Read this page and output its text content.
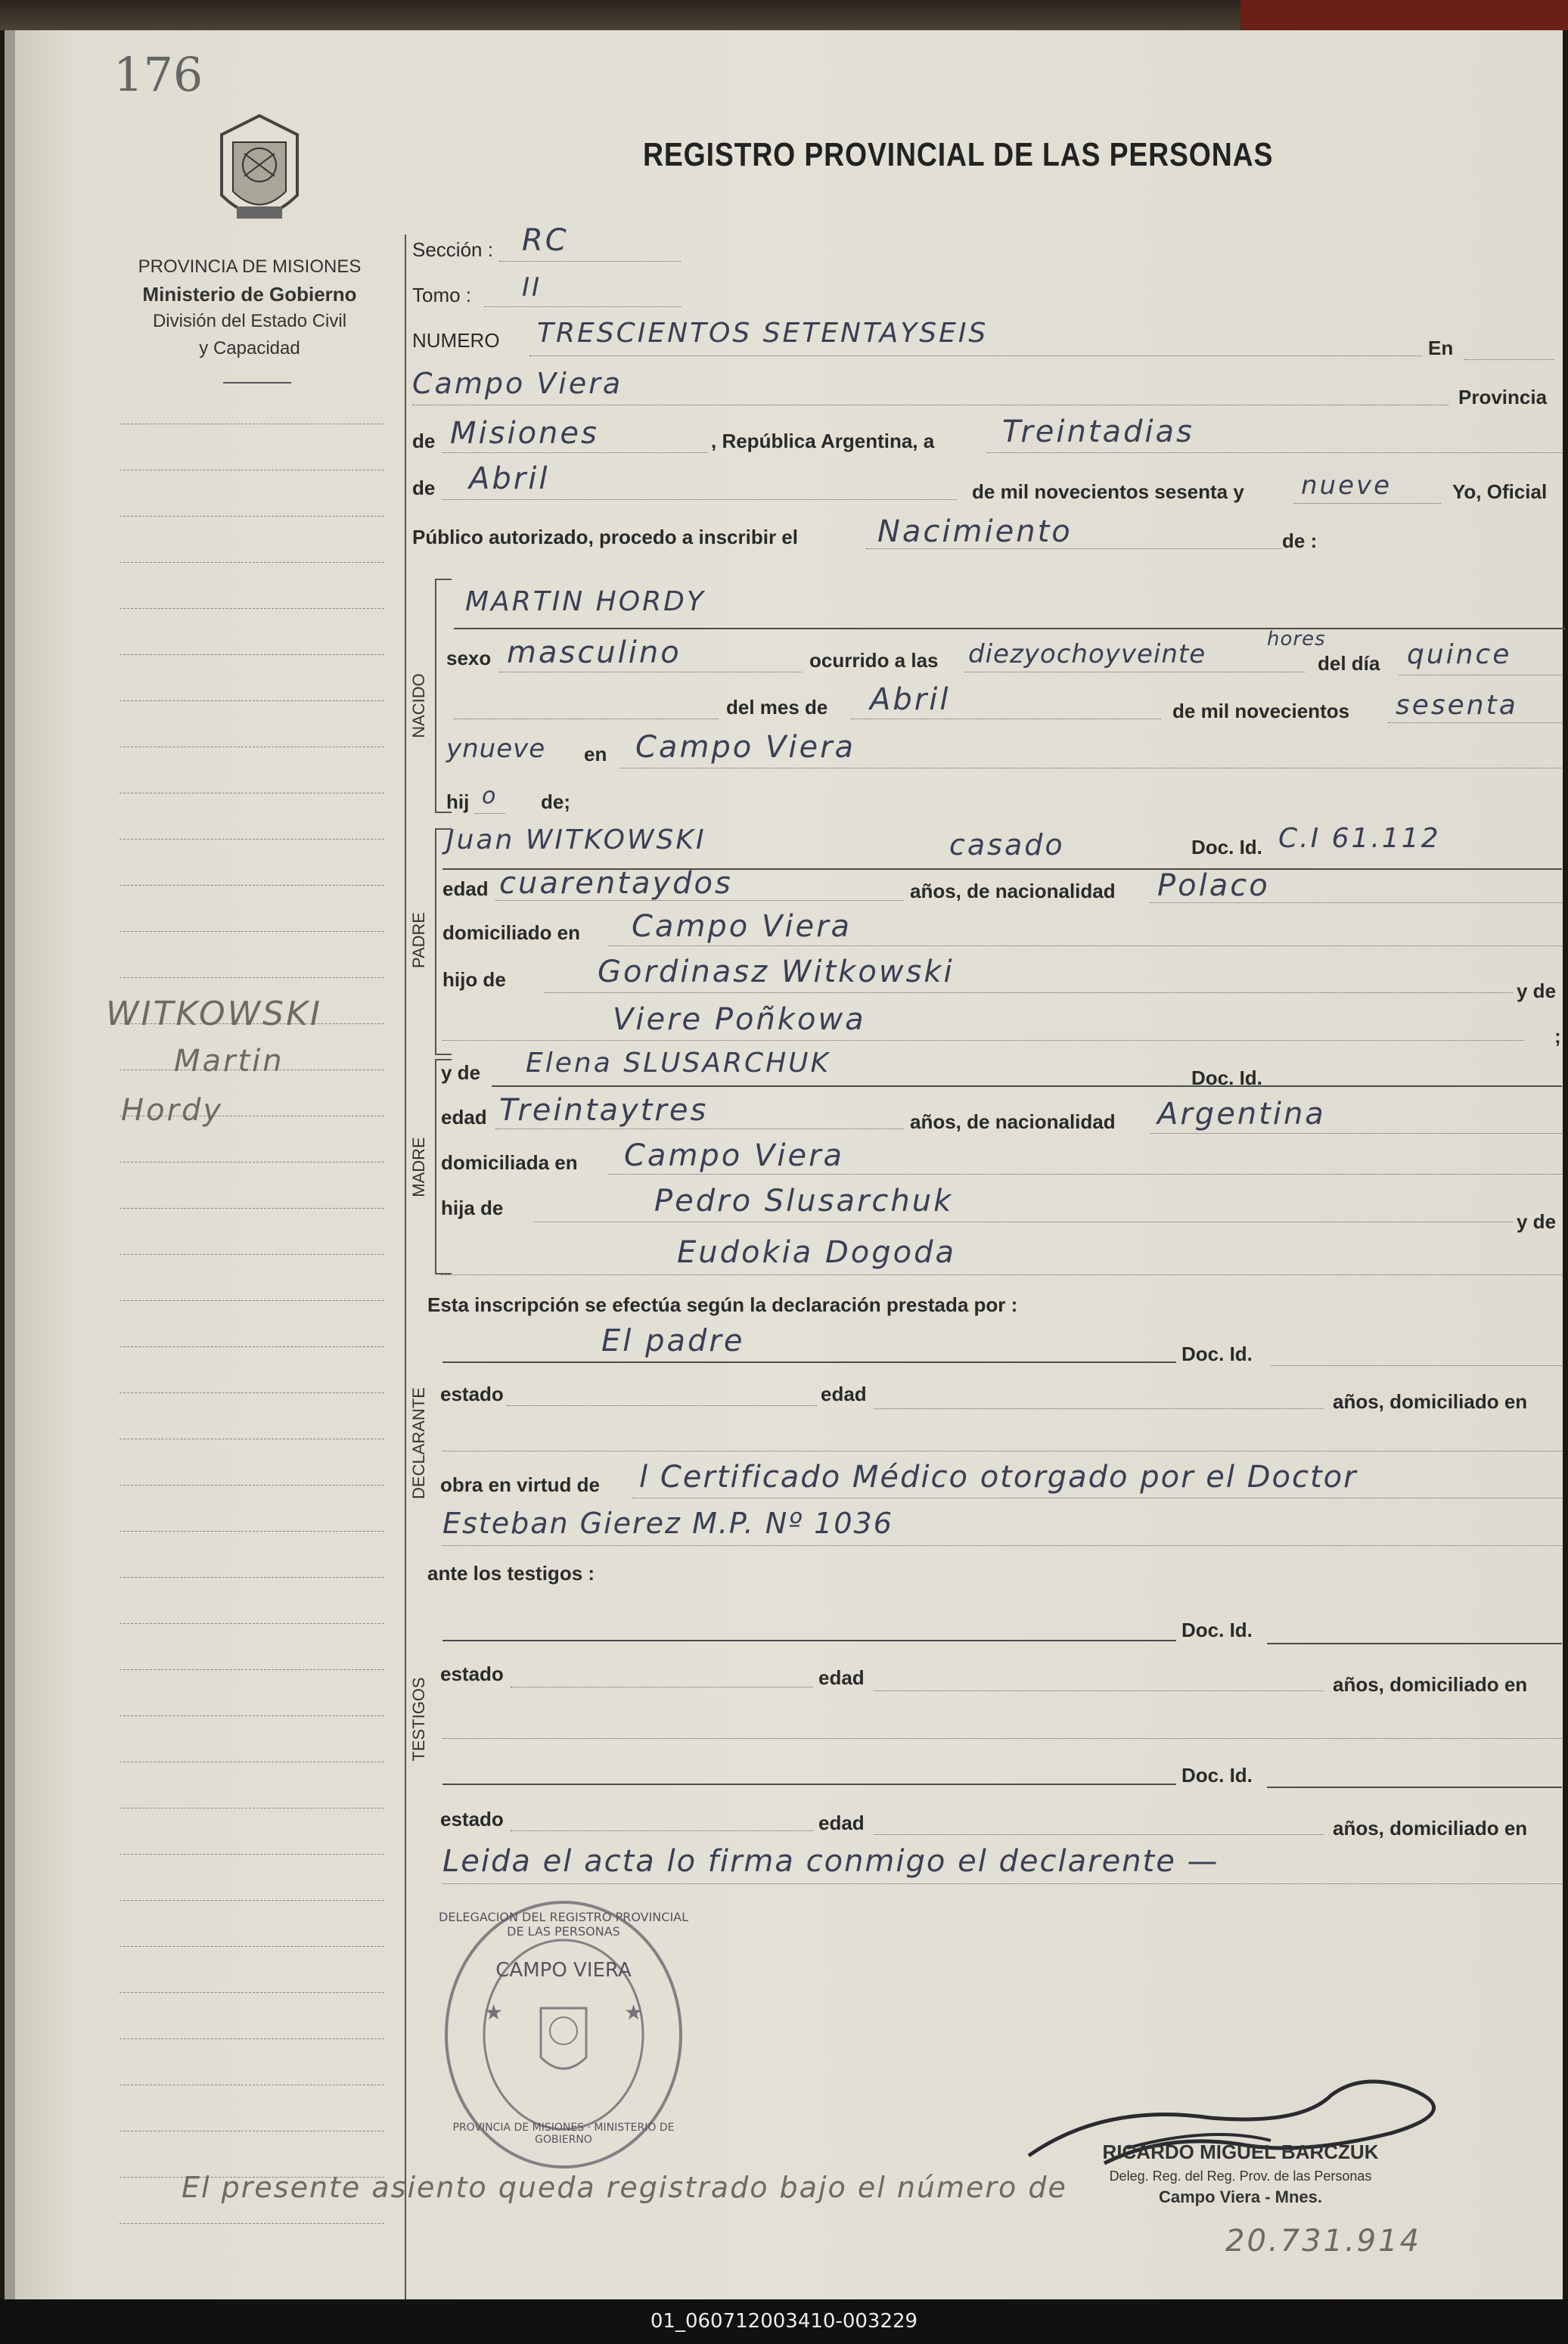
176
PROVINCIA DE MISIONES
Ministerio de Gobierno
División del Estado Civil
y Capacidad
REGISTRO PROVINCIAL DE LAS PERSONAS
WITKOWSKI
Martin
Hordy
Sección : RC
Tomo : II
NUMERO TRESCIENTOS SETENTAYSEIS	En
Campo Viera	Provincia
de Misiones	, República Argentina, a Treintadias
de Abril	de mil novecientos sesenta y nueve	Yo, Oficial
Público autorizado, procedo a inscribir el	Nacimiento	de :
NACIDO
MARTIN HORDY
sexo masculino	ocurrido a las diezyochoyveinte	hores
del día quince
del mes de Abril	de mil novecientos sesenta
ynueve en Campo Viera
hij o de;
PADRE
Juan WITKOWSKI	casado	Doc. Id. C.I 61.112
edad cuarentaydos	años, de nacionalidad Polaco
domiciliado en Campo Viera
hijo de	Gordinasz Witkowski
y de
Viere Poñkowa	;
MADRE
y de Elena SLUSARCHUK	Doc. Id.
edad Treintaytres	años, de nacionalidad Argentina
domiciliada en Campo Viera
hija de	Pedro Slusarchuk
y de
Eudokia Dogoda
Esta inscripción se efectúa según la declaración prestada por :
DECLARANTE
El padre	Doc. Id.
estado	edad	años, domiciliado en
obra en virtud de l Certificado Médico otorgado por el Doctor
Esteban Gierez M.P. Nº 1036
ante los testigos :
TESTIGOS
Doc. Id.
estado	edad	años, domiciliado en
Doc. Id.
estado	edad	años, domiciliado en
Leida el acta lo firma conmigo el declarente —
★	★
DELEGACION DEL REGISTRO PROVINCIAL DE LAS PERSONAS
CAMPO VIERA
PROVINCIA DE MISIONES · MINISTERIO DE GOBIERNO
RICARDO MIGUEL BARCZUK
Deleg. Reg. del Reg. Prov. de las Personas
Campo Viera - Mnes.
El presente asiento queda registrado bajo el número de
20.731.914
01_060712003410-003229
